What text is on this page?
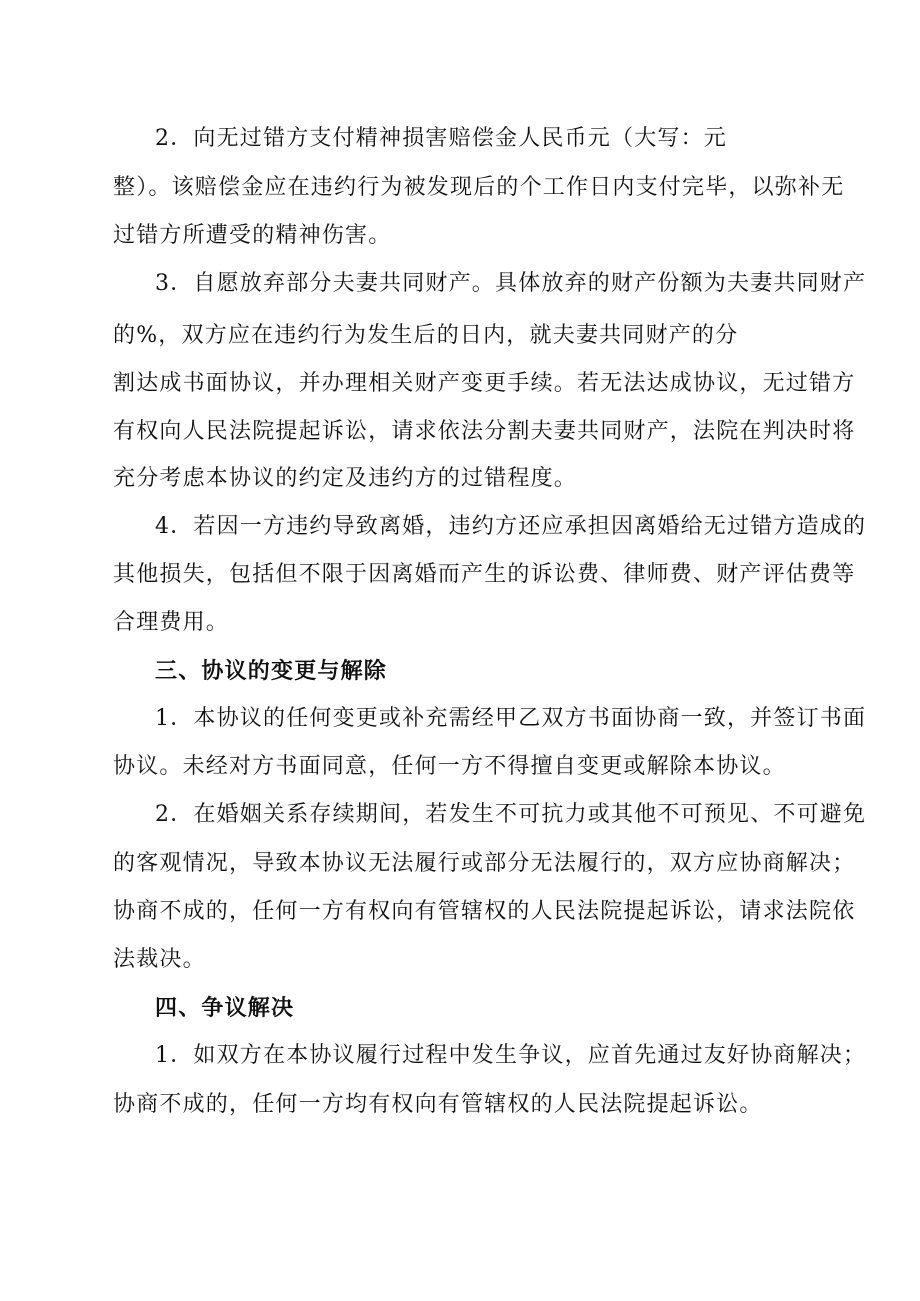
2．向无过错方支付精神损害赔偿金人民币元（大写：元
整）。该赔偿金应在违约行为被发现后的个工作日内支付完毕，以弥补无
过错方所遭受的精神伤害。
3．自愿放弃部分夫妻共同财产。具体放弃的财产份额为夫妻共同财产
的%，双方应在违约行为发生后的日内，就夫妻共同财产的分
割达成书面协议，并办理相关财产变更手续。若无法达成协议，无过错方
有权向人民法院提起诉讼，请求依法分割夫妻共同财产，法院在判决时将
充分考虑本协议的约定及违约方的过错程度。
4．若因一方违约导致离婚，违约方还应承担因离婚给无过错方造成的
其他损失，包括但不限于因离婚而产生的诉讼费、律师费、财产评估费等
合理费用。
三、协议的变更与解除
1．本协议的任何变更或补充需经甲乙双方书面协商一致，并签订书面
协议。未经对方书面同意，任何一方不得擅自变更或解除本协议。
2．在婚姻关系存续期间，若发生不可抗力或其他不可预见、不可避免
的客观情况，导致本协议无法履行或部分无法履行的，双方应协商解决；
协商不成的，任何一方有权向有管辖权的人民法院提起诉讼，请求法院依
法裁决。
四、争议解决
1．如双方在本协议履行过程中发生争议，应首先通过友好协商解决；
协商不成的，任何一方均有权向有管辖权的人民法院提起诉讼。
